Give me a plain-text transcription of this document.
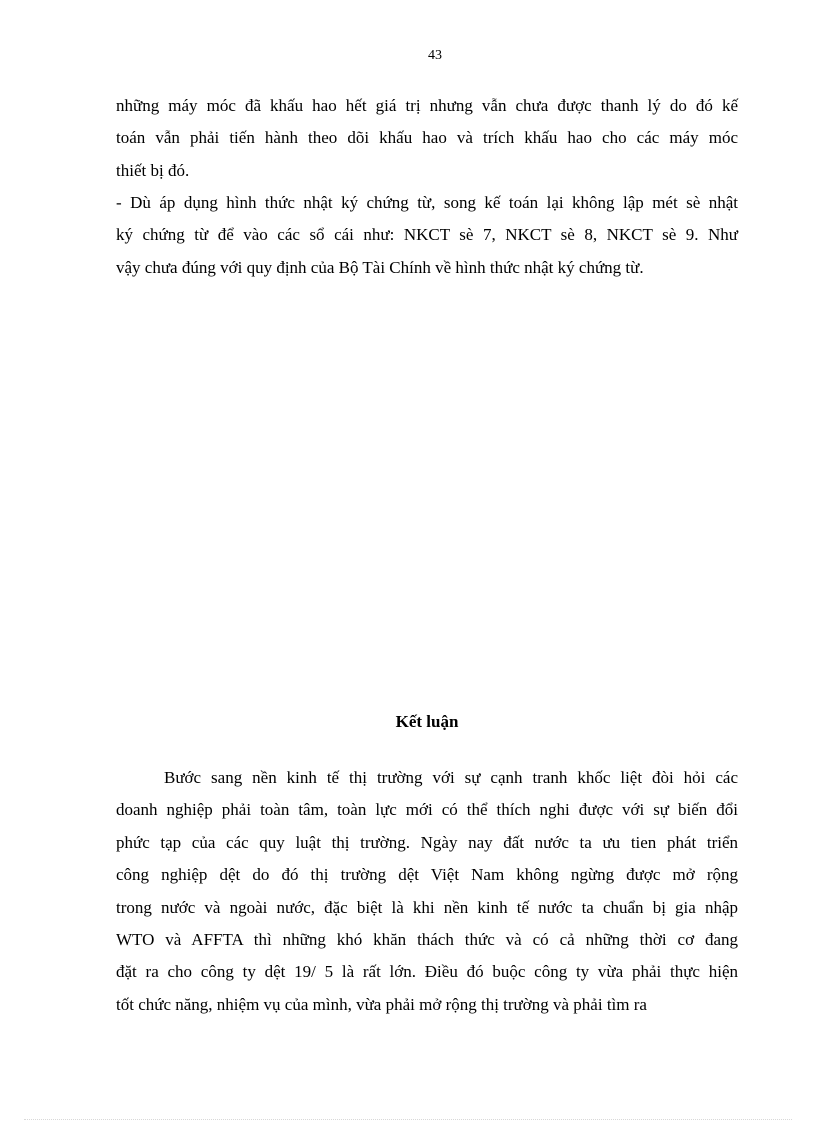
43

những máy móc đã khấu hao hết giá trị nhưng vẫn chưa được thanh lý do đó kế

toán vẫn phải tiến hành theo dõi khấu hao và trích khấu hao cho các máy móc

thiết bị đó.

- Dù áp dụng hình thức nhật ký chứng từ, song kế toán lại không lập mét sè nhật

ký chứng từ để vào các sổ cái như: NKCT sè 7, NKCT sè 8, NKCT sè 9. Như

vậy chưa đúng với quy định của Bộ Tài Chính về hình thức nhật ký chứng từ.

Kết luận

Bước sang nền kinh tế thị trường với sự cạnh tranh khốc liệt đòi hỏi các

doanh nghiệp phải toàn tâm, toàn lực mới có thể thích nghi được với sự biến đổi

phức tạp của các quy luật thị trường. Ngày nay đất nước ta ưu tien phát triển

công nghiệp dệt do đó thị trường dệt Việt Nam không ngừng được mở rộng

trong nước và ngoài nước, đặc biệt là khi nền kinh tế nước ta chuẩn bị gia nhập

WTO và AFFTA thì những khó khăn thách thức và có cả những thời cơ đang

đặt ra cho công ty dệt 19/ 5 là rất lớn. Điều đó buộc công ty vừa phải thực hiện

tốt chức năng, nhiệm vụ của mình, vừa phải mở rộng thị trường và phải tìm ra
